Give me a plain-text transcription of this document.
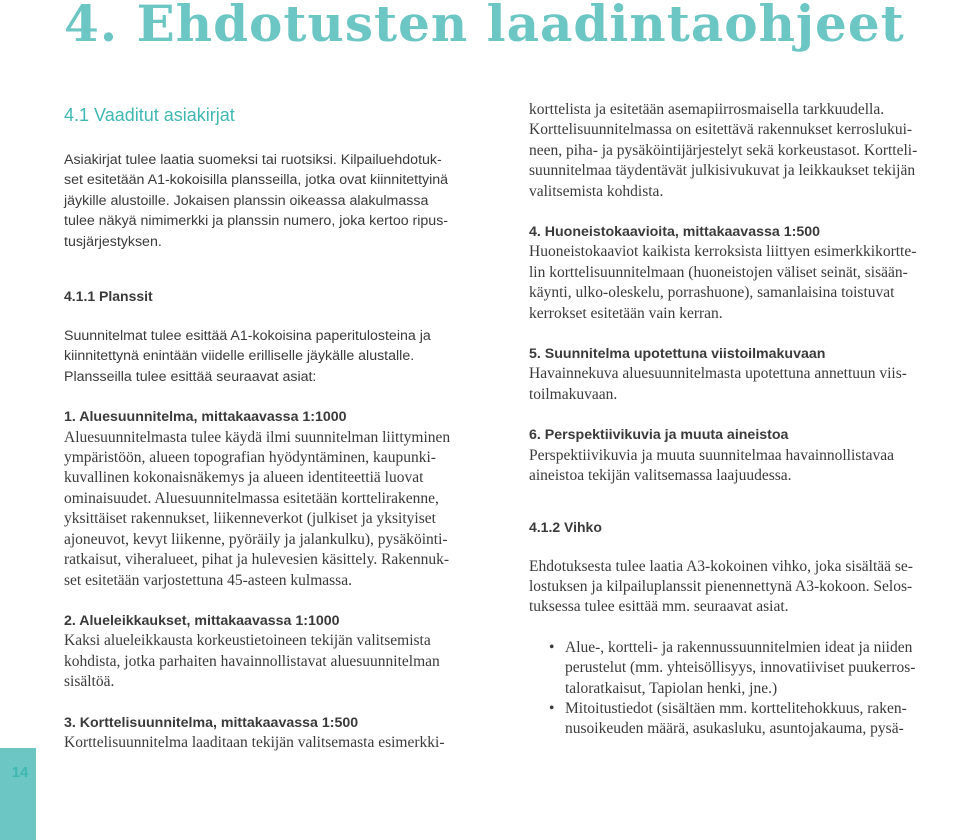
4. Ehdotusten laadintaohjeet
4.1 Vaaditut asiakirjat
Asiakirjat tulee laatia suomeksi tai ruotsiksi. Kilpailuehdotuk-
set esitetään A1-kokoisilla plansseilla, jotka ovat kiinnitettyinä
jäykille alustoille. Jokaisen planssin oikeassa alakulmassa
tulee näkyä nimimerkki ja planssin numero, joka kertoo ripus-
tusjärjestyksen.
4.1.1 Planssit
Suunnitelmat tulee esittää A1-kokoisina paperitulosteina ja
kiinnitettynä enintään viidelle erilliselle jäykälle alustalle.
Plansseilla tulee esittää seuraavat asiat:

1. Aluesuunnitelma, mittakaavassa 1:1000

Aluesuunnitelmasta tulee käydä ilmi suunnitelman liittyminen

ympäristöön, alueen topografian hyödyntäminen, kaupunki-

kuvallinen kokonaisnäkemys ja alueen identiteettiä luovat

ominaisuudet. Aluesuunnitelmassa esitetään korttelirakenne,

yksittäiset rakennukset, liikenneverkot (julkiset ja yksityiset

ajoneuvot, kevyt liikenne, pyöräily ja jalankulku), pysäköinti-

ratkaisut, viheralueet, pihat ja hulevesien käsittely. Rakennuk-

set esitetään varjostettuna 45-asteen kulmassa.

2. Alueleikkaukset, mittakaavassa 1:1000

Kaksi alueleikkausta korkeustietoineen tekijän valitsemista

kohdista, jotka parhaiten havainnollistavat aluesuunnitelman

sisältöä.

3. Korttelisuunnitelma, mittakaavassa 1:500

Korttelisuunnitelma laaditaan tekijän valitsemasta esimerkki-

korttelista ja esitetään asemapiirrosmaisella tarkkuudella.

Korttelisuunnitelmassa on esitettävä rakennukset kerroslukui-

neen, piha- ja pysäköintijärjestelyt sekä korkeustasot. Kortteli-

suunnitelmaa täydentävät julkisivukuvat ja leikkaukset tekijän

valitsemista kohdista.

4. Huoneistokaavioita, mittakaavassa 1:500

Huoneistokaaviot kaikista kerroksista liittyen esimerkkikortte-

lin korttelisuunnitelmaan (huoneistojen väliset seinät, sisään-

käynti, ulko-oleskelu, porrashuone), samanlaisina toistuvat

kerrokset esitetään vain kerran.

5. Suunnitelma upotettuna viistoilmakuvaan

Havainnekuva aluesuunnitelmasta upotettuna annettuun viis-

toilmakuvaan.

6. Perspektiivikuvia ja muuta aineistoa

Perspektiivikuvia ja muuta suunnitelmaa havainnollistavaa

aineistoa tekijän valitsemassa laajuudessa.

4.1.2 Vihko

Ehdotuksesta tulee laatia A3-kokoinen vihko, joka sisältää se-

lostuksen ja kilpailuplanssit pienennettynä A3-kokoon. Selos-

tuksessa tulee esittää mm. seuraavat asiat.

• Alue-, kortteli- ja rakennussuunnitelmien ideat ja niiden
perustelut (mm. yhteisöllisyys, innovatiiviset puukerros-
taloratkaisut, Tapiolan henki, jne.)
• Mitoitustiedot (sisältäen mm. korttelitehokkuus, raken-
nusoikeuden määrä, asukasluku, asuntojakauma, pysä-
14
